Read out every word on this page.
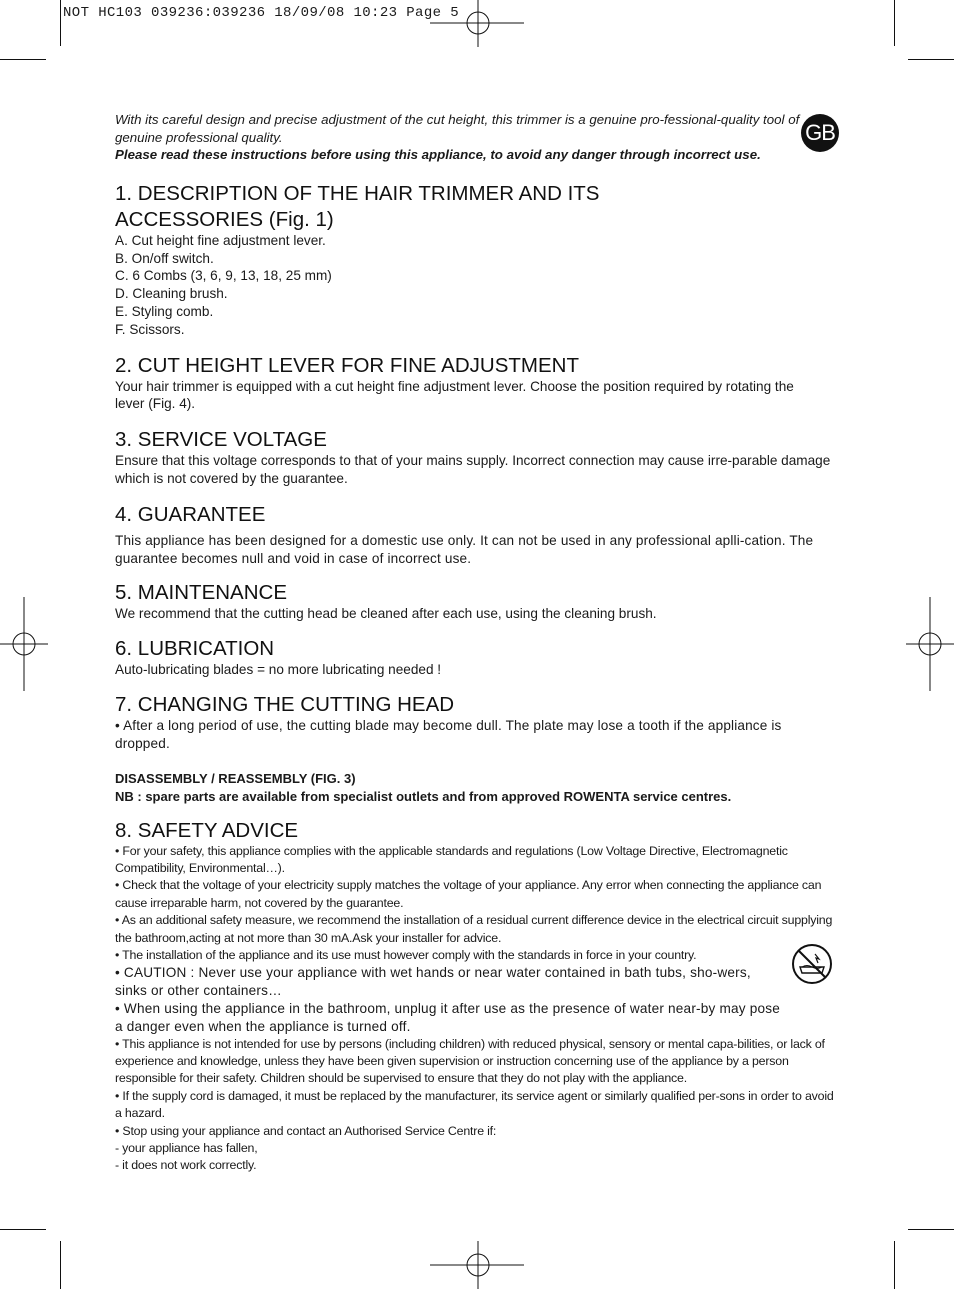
NOT HC103 039236:039236 18/09/08 10:23 Page 5
GB
With its careful design and precise adjustment of the cut height, this trimmer is a genuine pro-fessional-quality tool of genuine professional quality.
Please read these instructions before using this appliance, to avoid any danger through incorrect use.
1. DESCRIPTION OF THE HAIR TRIMMER AND ITS
ACCESSORIES (Fig. 1)
A. Cut height fine adjustment lever.
B. On/off switch.
C. 6 Combs (3, 6, 9, 13, 18, 25 mm)
D. Cleaning brush.
E. Styling comb.
F. Scissors.
2. CUT HEIGHT LEVER FOR FINE ADJUSTMENT
Your hair trimmer is equipped with a cut height fine adjustment lever. Choose the position required by rotating the lever (Fig. 4).
3. SERVICE VOLTAGE
Ensure that this voltage corresponds to that of your mains supply. Incorrect connection may cause irre-parable damage which is not covered by the guarantee.
4. GUARANTEE
This appliance has been designed for a domestic use only. It can not be used in any professional aplli-cation. The guarantee becomes null and void in case of incorrect use.
5. MAINTENANCE
We recommend that the cutting head be cleaned after each use, using the cleaning brush.
6. LUBRICATION
Auto-lubricating blades = no more lubricating needed !
7. CHANGING THE CUTTING HEAD
• After a long period of use, the cutting blade may become dull. The plate may lose a tooth if the appliance is dropped.
DISASSEMBLY / REASSEMBLY (FIG. 3)
NB : spare parts are available from specialist outlets and from approved ROWENTA service centres.
8. SAFETY ADVICE
• For your safety, this appliance complies with the applicable standards and regulations (Low Voltage Directive, Electromagnetic Compatibility, Environmental…).
• Check that the voltage of your electricity supply matches the voltage of your appliance. Any error when connecting the appliance can cause irreparable harm, not covered by the guarantee.
• As an additional safety measure, we recommend the installation of a residual current difference device in the electrical circuit supplying the bathroom,acting at not more than 30 mA.Ask your installer for advice.
• The installation of the appliance and its use must however comply with the standards in force in your country.
• CAUTION : Never use your appliance with wet hands or near water contained in bath tubs, sho-wers, sinks or other containers…
• When using the appliance in the bathroom, unplug it after use as the presence of water near-by may pose a danger even when the appliance is turned off.
• This appliance is not intended for use by persons (including children) with reduced physical, sensory or mental capa-bilities, or lack of experience and knowledge, unless they have been given supervision or instruction concerning use of the appliance by a person responsible for their safety. Children should be supervised to ensure that they do not play with the appliance.
• If the supply cord is damaged, it must be replaced by the manufacturer, its service agent or similarly qualified per-sons in order to avoid a hazard.
• Stop using your appliance and contact an Authorised Service Centre if:
- your appliance has fallen,
- it does not work correctly.
